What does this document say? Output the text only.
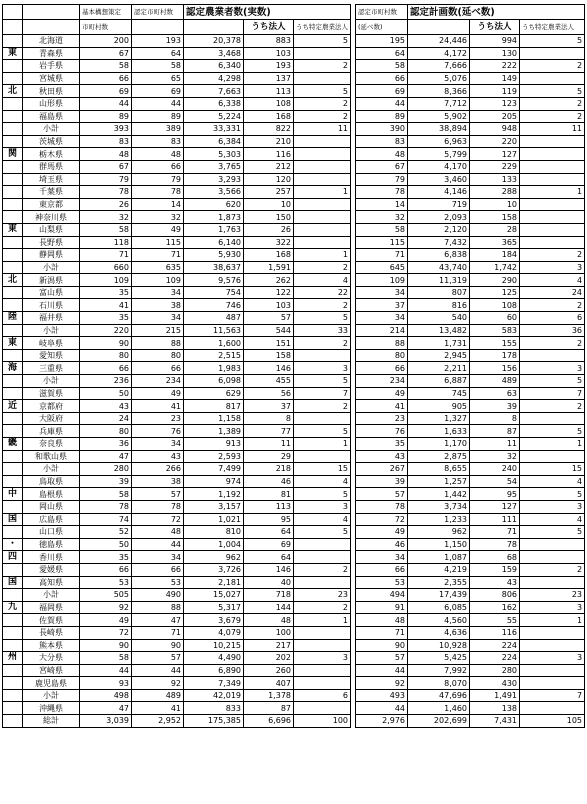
		基本構想策定	認定市町村数	認定農業者数(実数)				認定市町村数	認定計画数(延べ数)		
		市町村数			うち法人	うち特定農業法人		(延べ数)		うち法人	うち特定農業法人
	北海道	200	193	20,378	883	5		195	24,446	994	5
東	青森県	67	64	3,468	103			64	4,172	130	
	岩手県	58	58	6,340	193	2		58	7,666	222	2
	宮城県	66	65	4,298	137			66	5,076	149	
北	秋田県	69	69	7,663	113	5		69	8,366	119	5
	山形県	44	44	6,338	108	2		44	7,712	123	2
	福島県	89	89	5,224	168	2		89	5,902	205	2
	小計	393	389	33,331	822	11		390	38,894	948	11
	茨城県	83	83	6,384	210			83	6,963	220	
関	栃木県	48	48	5,303	116			48	5,799	127	
	群馬県	67	66	3,765	212			67	4,170	229	
	埼玉県	79	79	3,293	120			79	3,460	133	
	千葉県	78	78	3,566	257	1		78	4,146	288	1
	東京都	26	14	620	10			14	719	10	
	神奈川県	32	32	1,873	150			32	2,093	158	
東	山梨県	58	49	1,763	26			58	2,120	28	
	長野県	118	115	6,140	322			115	7,432	365	
	静岡県	71	71	5,930	168	1		71	6,838	184	2
	小計	660	635	38,637	1,591	2		645	43,740	1,742	3
北	新潟県	109	109	9,576	262	4		109	11,319	290	4
	富山県	35	34	754	122	22		34	807	125	24
	石川県	41	38	746	103	2		37	816	108	2
陸	福井県	35	34	487	57	5		34	540	60	6
	小計	220	215	11,563	544	33		214	13,482	583	36
東	岐阜県	90	88	1,600	151	2		88	1,731	155	2
	愛知県	80	80	2,515	158			80	2,945	178	
海	三重県	66	66	1,983	146	3		66	2,211	156	3
	小計	236	234	6,098	455	5		234	6,887	489	5
	滋賀県	50	49	629	56	7		49	745	63	7
近	京都府	43	41	817	37	2		41	905	39	2
	大阪府	24	23	1,158	8			23	1,327	8	
	兵庫県	80	76	1,389	77	5		76	1,633	87	5
畿	奈良県	36	34	913	11	1		35	1,170	11	1
	和歌山県	47	43	2,593	29			43	2,875	32	
	小計	280	266	7,499	218	15		267	8,655	240	15
	鳥取県	39	38	974	46	4		39	1,257	54	4
中	島根県	58	57	1,192	81	5		57	1,442	95	5
	岡山県	78	78	3,157	113	3		78	3,734	127	3
国	広島県	74	72	1,021	95	4		72	1,233	111	4
	山口県	52	48	810	64	5		49	962	71	5
・	徳島県	50	44	1,004	69			46	1,150	78	
四	香川県	35	34	962	64			34	1,087	68	
	愛媛県	66	66	3,726	146	2		66	4,219	159	2
国	高知県	53	53	2,181	40			53	2,355	43	
	小計	505	490	15,027	718	23		494	17,439	806	23
九	福岡県	92	88	5,317	144	2		91	6,085	162	3
	佐賀県	49	47	3,679	48	1		48	4,560	55	1
	長崎県	72	71	4,079	100			71	4,636	116	
	熊本県	90	90	10,215	217			90	10,928	224	
州	大分県	58	57	4,490	202	3		57	5,425	224	3
	宮崎県	44	44	6,890	260			44	7,992	280	
	鹿児島県	93	92	7,349	407			92	8,070	430	
	小計	498	489	42,019	1,378	6		493	47,696	1,491	7
	沖縄県	47	41	833	87			44	1,460	138	
	総計	3,039	2,952	175,385	6,696	100		2,976	202,699	7,431	105
